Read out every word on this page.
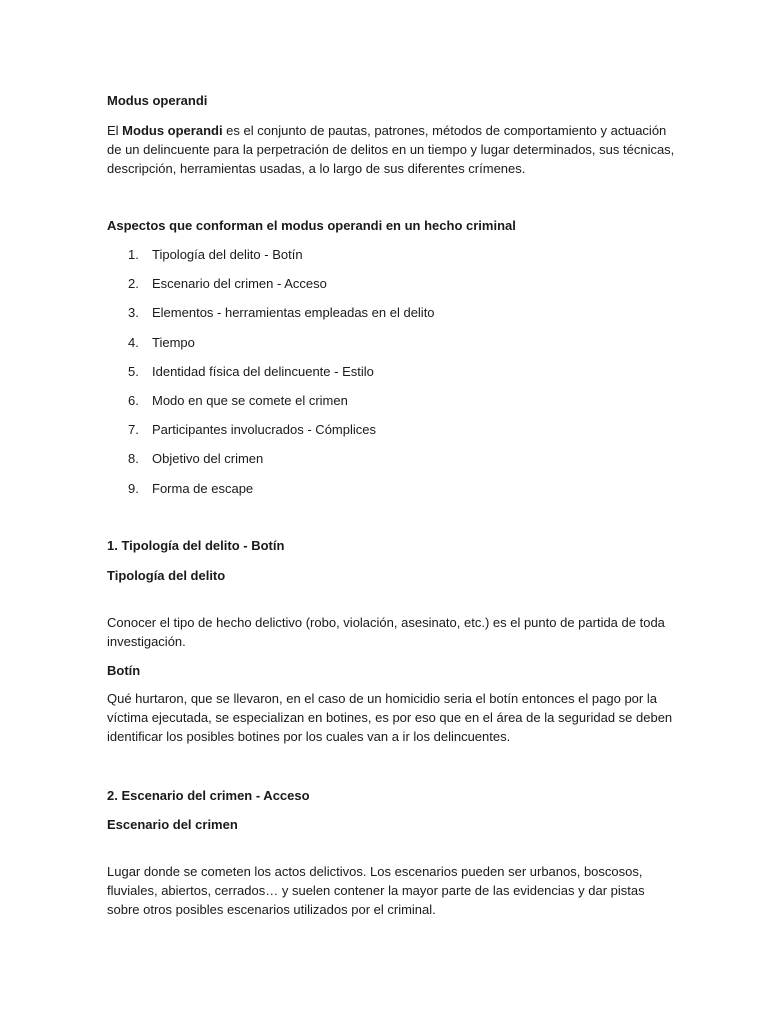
Modus operandi

El Modus operandi es el conjunto de pautas, patrones, métodos de comportamiento y actuación de un delincuente para la perpetración de delitos en un tiempo y lugar determinados, sus técnicas, descripción, herramientas usadas, a lo largo de sus diferentes crímenes.

Aspectos que conforman el modus operandi en un hecho criminal

1. Tipología del delito - Botín

2. Escenario del crimen - Acceso

3. Elementos - herramientas empleadas en el delito

4. Tiempo

5. Identidad física del delincuente - Estilo

6. Modo en que se comete el crimen

7. Participantes involucrados - Cómplices

8. Objetivo del crimen

9. Forma de escape

1. Tipología del delito - Botín

Tipología del delito

Conocer el tipo de hecho delictivo (robo, violación, asesinato, etc.) es el punto de partida de toda investigación.

Botín

Qué hurtaron, que se llevaron, en el caso de un homicidio seria el botín entonces el pago por la víctima ejecutada, se especializan en botines, es por eso que en el área de la seguridad se deben identificar los posibles botines por los cuales van a ir los delincuentes.

2. Escenario del crimen - Acceso

Escenario del crimen

Lugar donde se cometen los actos delictivos. Los escenarios pueden ser urbanos, boscosos, fluviales, abiertos, cerrados… y suelen contener la mayor parte de las evidencias y dar pistas sobre otros posibles escenarios utilizados por el criminal.
